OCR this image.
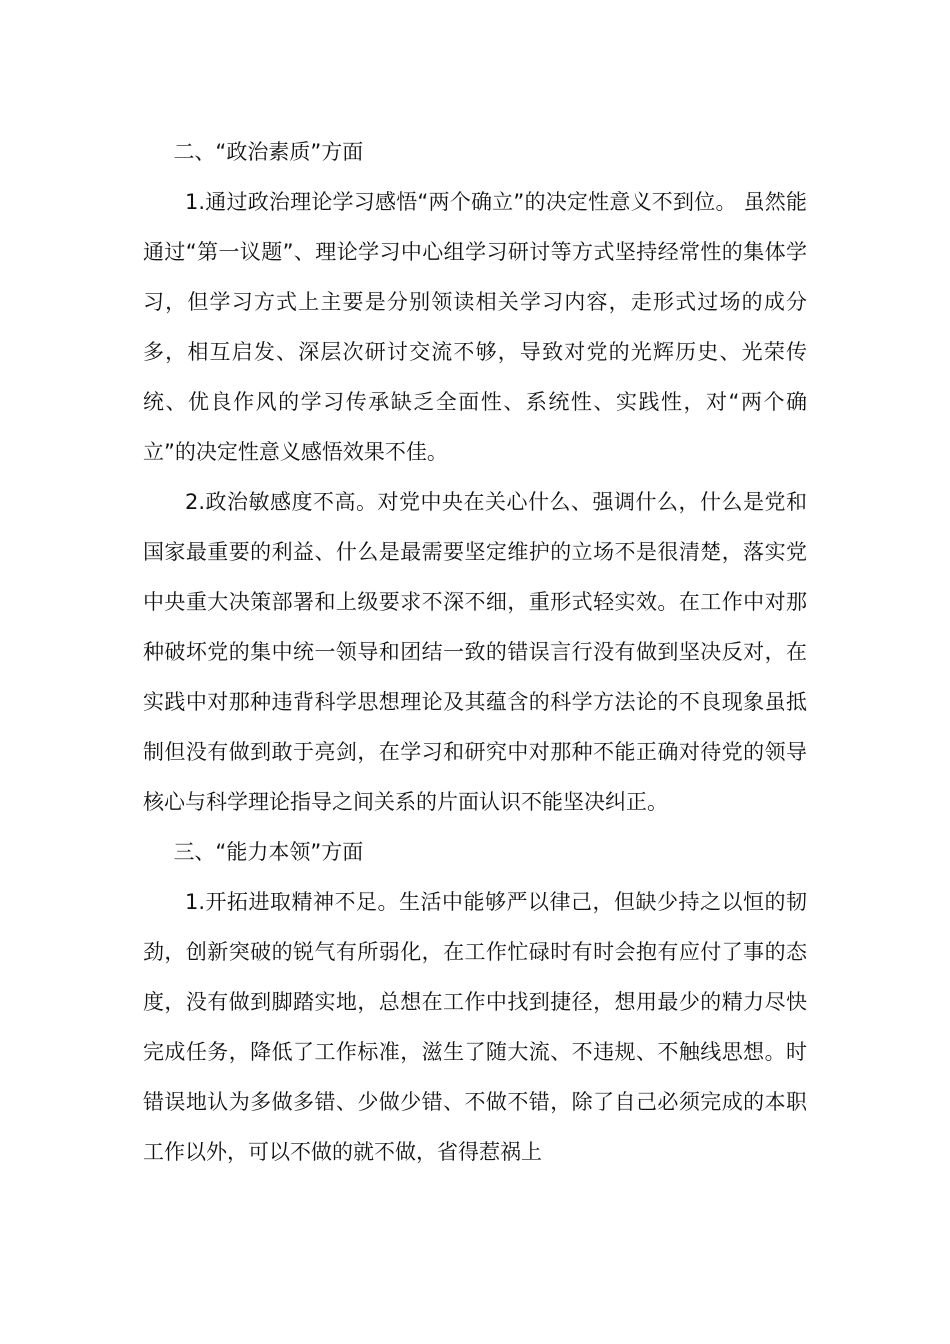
二、“政治素质”方面

1.通过政治理论学习感悟“两个确立”的决定性意义不到位。 虽然能通过“第一议题”、理论学习中心组学习研讨等方式坚持经常性的集体学习，但学习方式上主要是分别领读相关学习内容，走形式过场的成分多，相互启发、深层次研讨交流不够，导致对党的光辉历史、光荣传统、优良作风的学习传承缺乏全面性、系统性、实践性，对“两个确立”的决定性意义感悟效果不佳。

2.政治敏感度不高。对党中央在关心什么、强调什么，什么是党和国家最重要的利益、什么是最需要坚定维护的立场不是很清楚，落实党中央重大决策部署和上级要求不深不细，重形式轻实效。在工作中对那种破坏党的集中统一领导和团结一致的错误言行没有做到坚决反对，在实践中对那种违背科学思想理论及其蕴含的科学方法论的不良现象虽抵制但没有做到敢于亮剑，在学习和研究中对那种不能正确对待党的领导核心与科学理论指导之间关系的片面认识不能坚决纠正。

三、“能力本领”方面

1.开拓进取精神不足。生活中能够严以律己，但缺少持之以恒的韧劲，创新突破的锐气有所弱化，在工作忙碌时有时会抱有应付了事的态度，没有做到脚踏实地，总想在工作中找到捷径，想用最少的精力尽快完成任务，降低了工作标准，滋生了随大流、不违规、不触线思想。时错误地认为多做多错、少做少错、不做不错，除了自己必须完成的本职工作以外，可以不做的就不做，省得惹祸上
